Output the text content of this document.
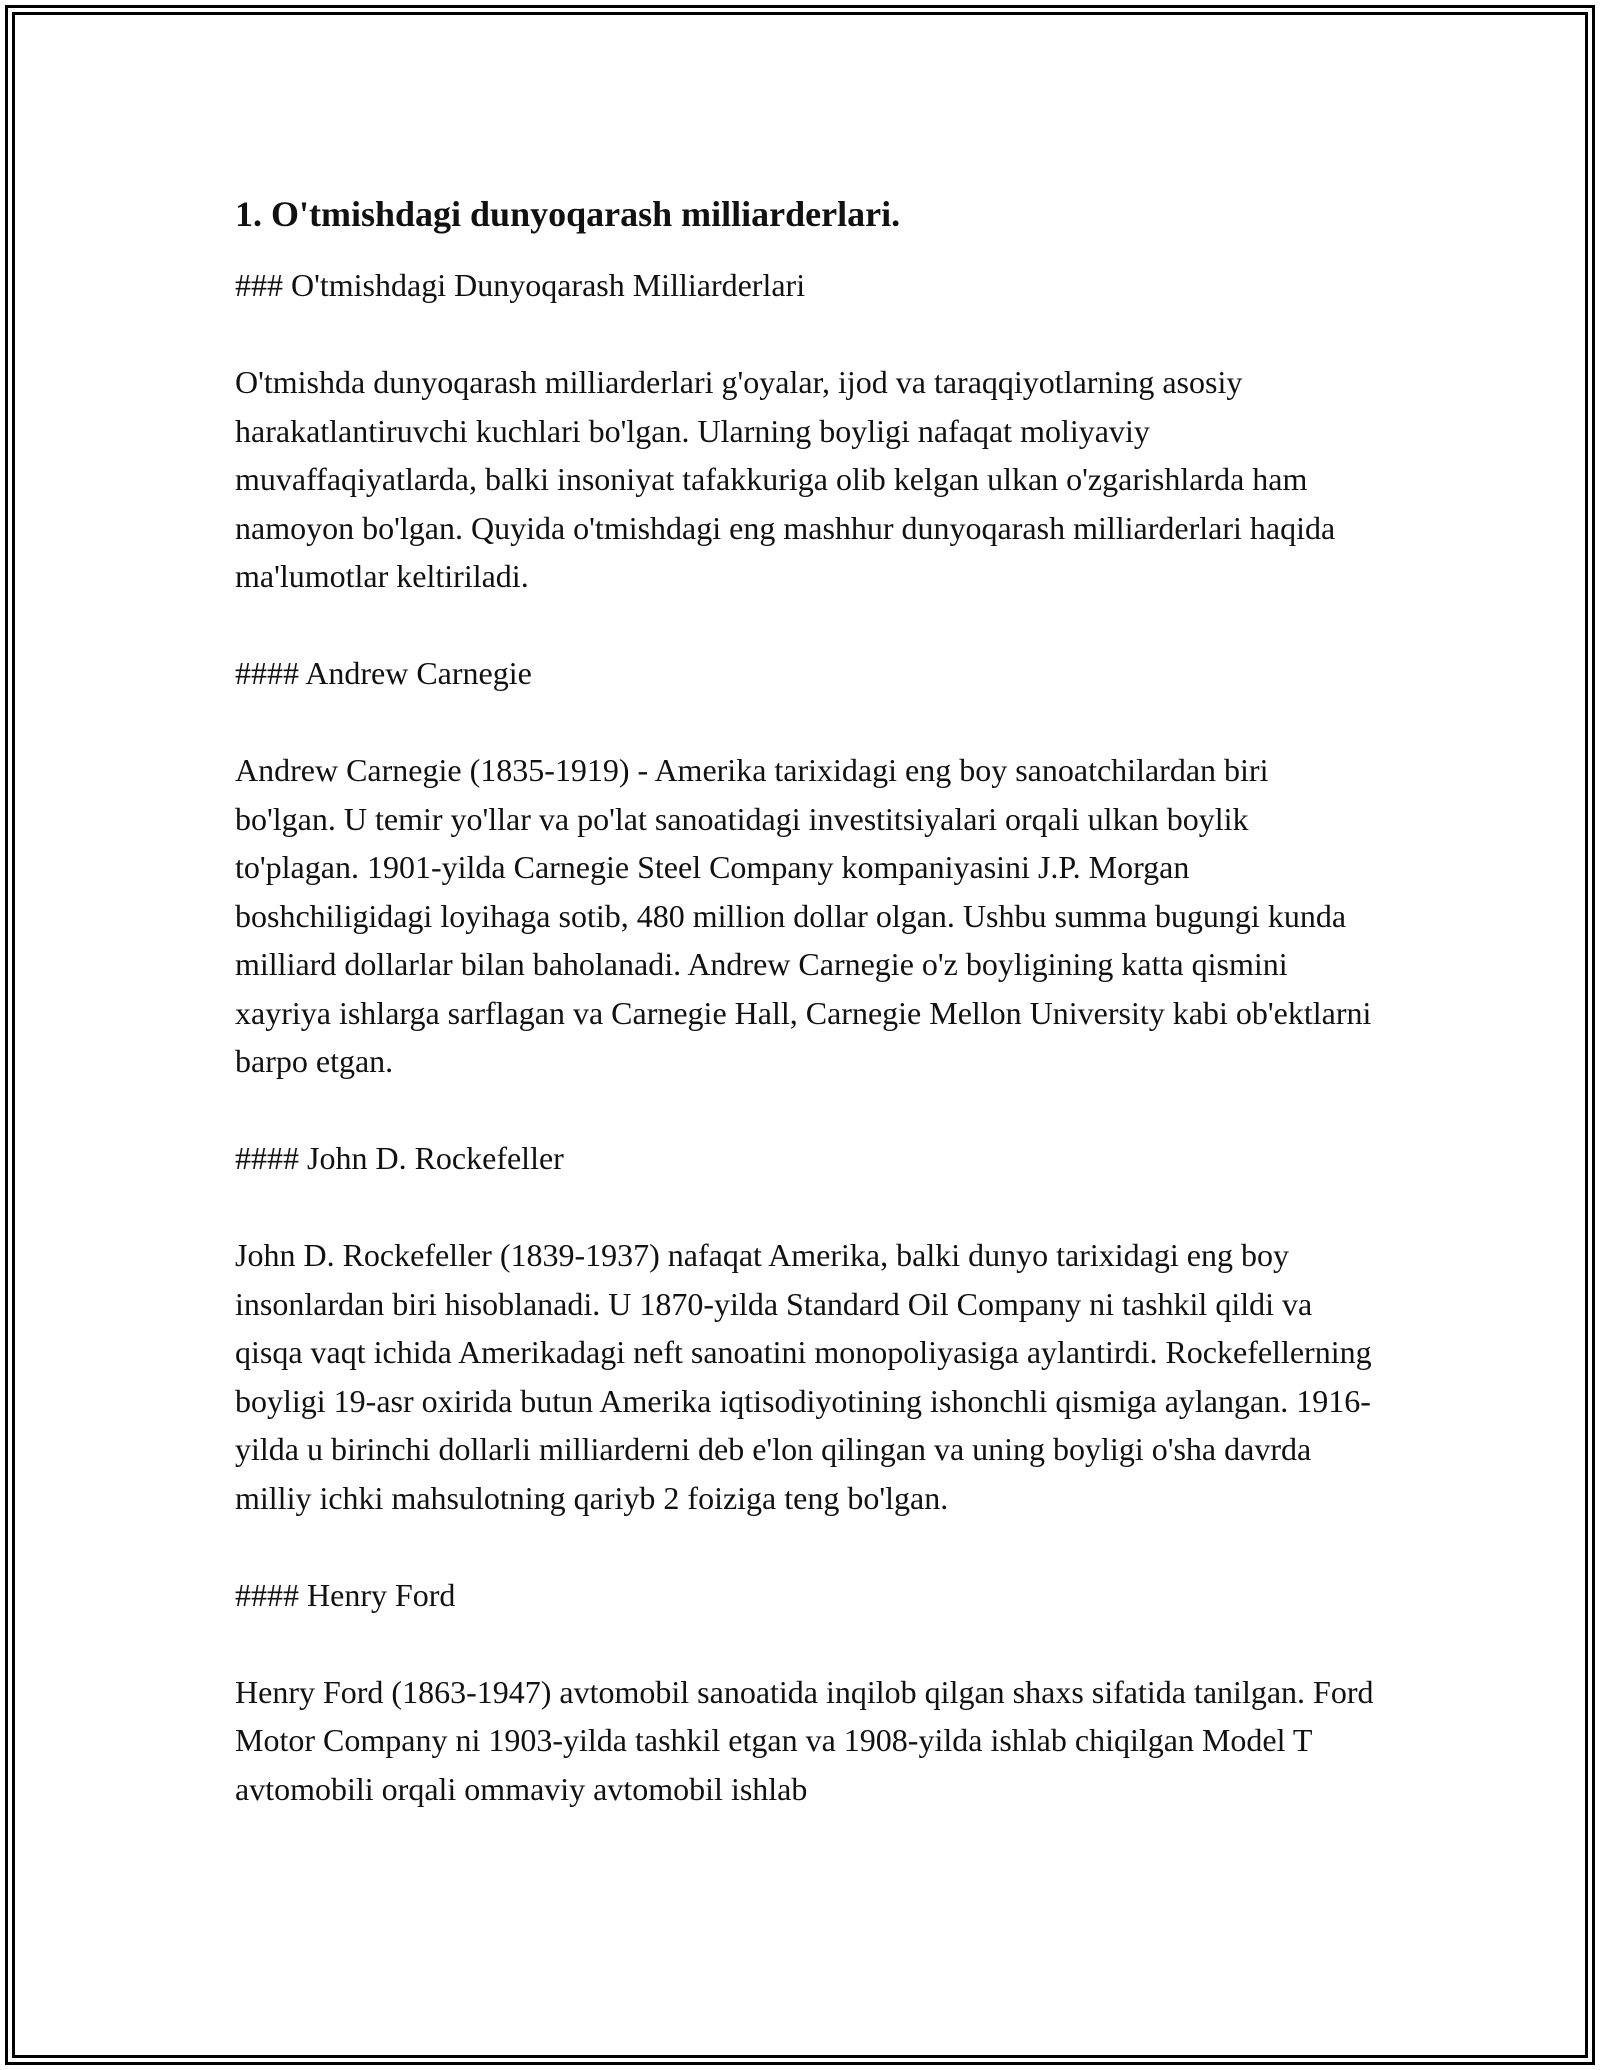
1. O'tmishdagi dunyoqarash milliarderlari.

### O'tmishdagi Dunyoqarash Milliarderlari

O'tmishda dunyoqarash milliarderlari g'oyalar, ijod va taraqqiyotlarning asosiy harakatlantiruvchi kuchlari bo'lgan. Ularning boyligi nafaqat moliyaviy muvaffaqiyatlarda, balki insoniyat tafakkuriga olib kelgan ulkan o'zgarishlarda ham namoyon bo'lgan. Quyida o'tmishdagi eng mashhur dunyoqarash milliarderlari haqida ma'lumotlar keltiriladi.

#### Andrew Carnegie

Andrew Carnegie (1835-1919) - Amerika tarixidagi eng boy sanoatchilardan biri bo'lgan. U temir yo'llar va po'lat sanoatidagi investitsiyalari orqali ulkan boylik to'plagan. 1901-yilda Carnegie Steel Company kompaniyasini J.P. Morgan boshchiligidagi loyihaga sotib, 480 million dollar olgan. Ushbu summa bugungi kunda milliard dollarlar bilan baholanadi. Andrew Carnegie o'z boyligining katta qismini xayriya ishlarga sarflagan va Carnegie Hall, Carnegie Mellon University kabi ob'ektlarni barpo etgan.

#### John D. Rockefeller

John D. Rockefeller (1839-1937) nafaqat Amerika, balki dunyo tarixidagi eng boy insonlardan biri hisoblanadi. U 1870-yilda Standard Oil Company ni tashkil qildi va qisqa vaqt ichida Amerikadagi neft sanoatini monopoliyasiga aylantirdi. Rockefellerning boyligi 19-asr oxirida butun Amerika iqtisodiyotining ishonchli qismiga aylangan. 1916-yilda u birinchi dollarli milliarderni deb e'lon qilingan va uning boyligi o'sha davrda milliy ichki mahsulotning qariyb 2 foiziga teng bo'lgan.

#### Henry Ford

Henry Ford (1863-1947) avtomobil sanoatida inqilob qilgan shaxs sifatida tanilgan. Ford Motor Company ni 1903-yilda tashkil etgan va 1908-yilda ishlab chiqilgan Model T avtomobili orqali ommaviy avtomobil ishlab
